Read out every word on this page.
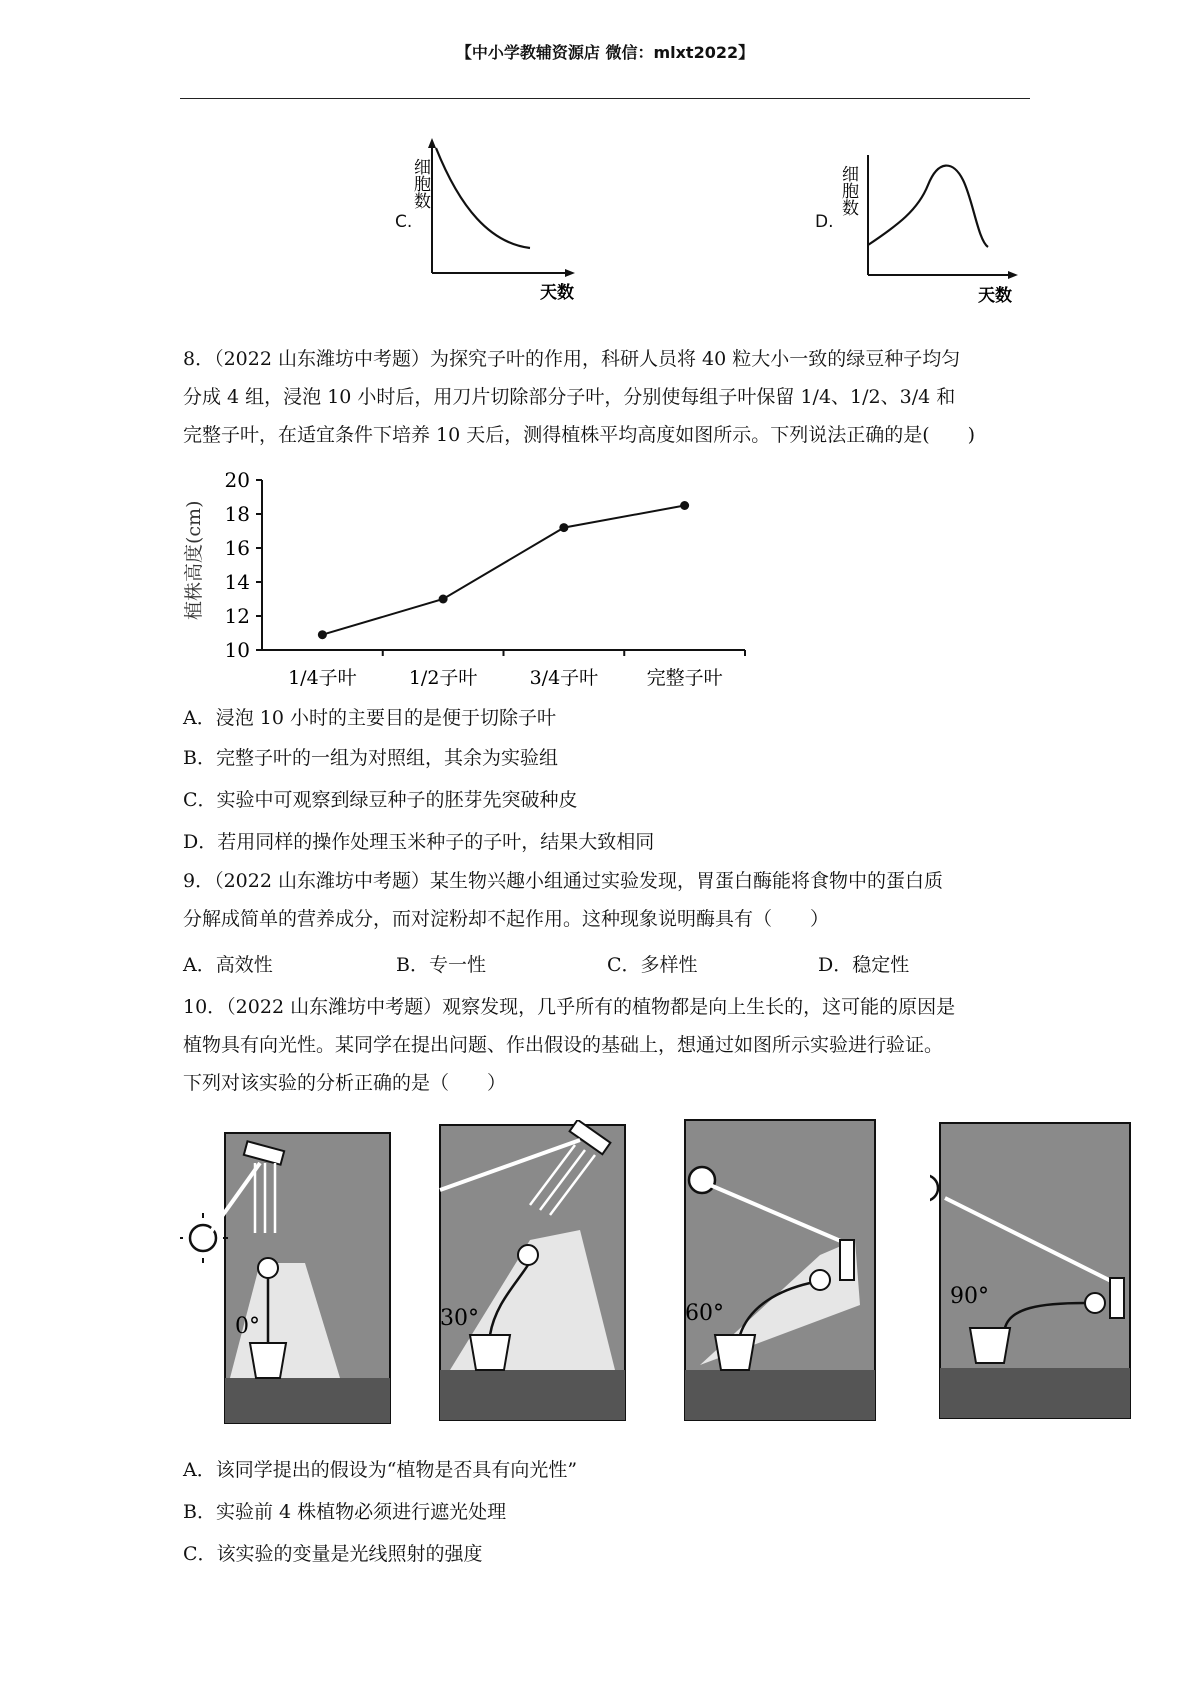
【中小学教辅资源店 微信：mlxt2022】
C.
细胞数
天数
D.
细胞数
天数

8．（2022 山东潍坊中考题）为探究子叶的作用，科研人员将 40 粒大小一致的绿豆种子均匀

分成 4 组，浸泡 10 小时后，用刀片切除部分子叶，分别使每组子叶保留 1/4、1/2、3/4 和

完整子叶，在适宜条件下培养 10 天后，测得植株平均高度如图所示。下列说法正确的是(　　)

10
12
14
16
18
20
植株高度(cm)
1/4子叶	1/2子叶	3/4子叶	完整子叶
A．浸泡 10 小时的主要目的是便于切除子叶
B．完整子叶的一组为对照组，其余为实验组
C．实验中可观察到绿豆种子的胚芽先突破种皮
D．若用同样的操作处理玉米种子的子叶，结果大致相同

9．（2022 山东潍坊中考题）某生物兴趣小组通过实验发现，胃蛋白酶能将食物中的蛋白质

分解成简单的营养成分，而对淀粉却不起作用。这种现象说明酶具有（　　）

A．高效性	B．专一性	C．多样性	D．稳定性

10．（2022 山东潍坊中考题）观察发现，几乎所有的植物都是向上生长的，这可能的原因是

植物具有向光性。某同学在提出问题、作出假设的基础上，想通过如图所示实验进行验证。

下列对该实验的分析正确的是（　　）

0°	30°	60°
90°
A．该同学提出的假设为“植物是否具有向光性”
B．实验前 4 株植物必须进行遮光处理
C．该实验的变量是光线照射的强度
